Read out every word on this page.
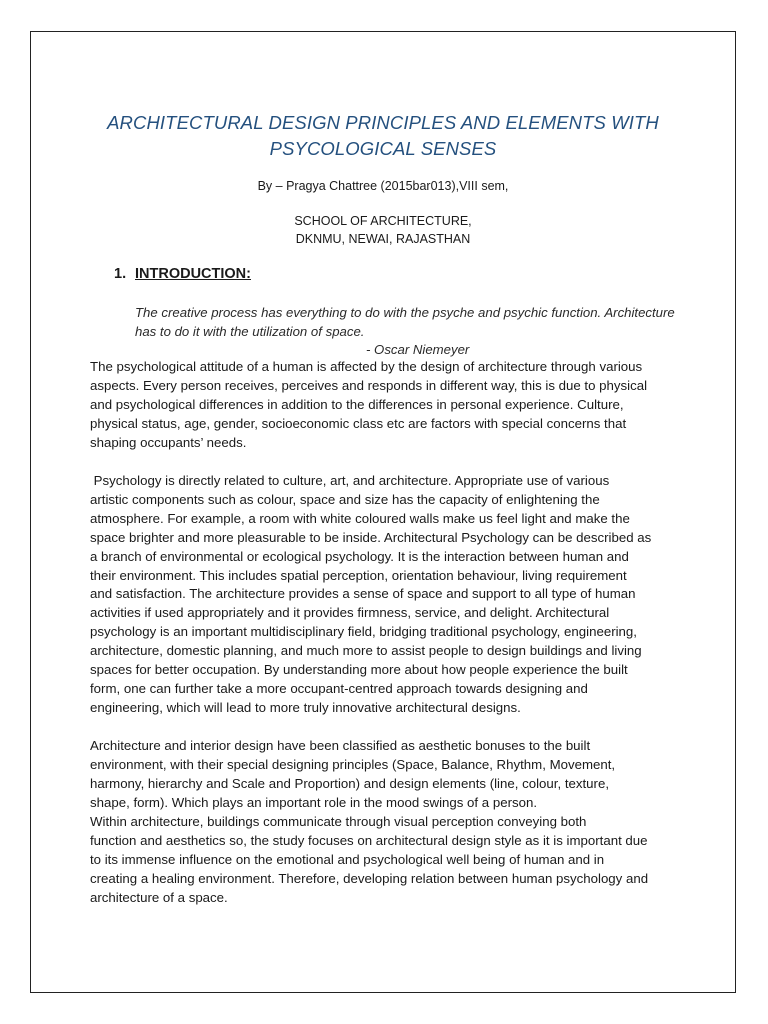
ARCHITECTURAL DESIGN PRINCIPLES AND ELEMENTS WITH
PSYCOLOGICAL SENSES
By – Pragya Chattree (2015bar013),VIII sem,
SCHOOL OF ARCHITECTURE,
DKNMU, NEWAI, RAJASTHAN
1. INTRODUCTION:
The creative process has everything to do with the psyche and psychic function. Architecture
has to do it with the utilization of space.
- Oscar Niemeyer

The psychological attitude of a human is affected by the design of architecture through various
aspects. Every person receives, perceives and responds in different way, this is due to physical
and psychological differences in addition to the differences in personal experience. Culture,
physical status, age, gender, socioeconomic class etc are factors with special concerns that
shaping occupants’ needs.

Psychology is directly related to culture, art, and architecture. Appropriate use of various
artistic components such as colour, space and size has the capacity of enlightening the
atmosphere. For example, a room with white coloured walls make us feel light and make the
space brighter and more pleasurable to be inside. Architectural Psychology can be described as
a branch of environmental or ecological psychology. It is the interaction between human and
their environment. This includes spatial perception, orientation behaviour, living requirement
and satisfaction. The architecture provides a sense of space and support to all type of human
activities if used appropriately and it provides firmness, service, and delight. Architectural
psychology is an important multidisciplinary field, bridging traditional psychology, engineering,
architecture, domestic planning, and much more to assist people to design buildings and living
spaces for better occupation. By understanding more about how people experience the built
form, one can further take a more occupant-centred approach towards designing and
engineering, which will lead to more truly innovative architectural designs.

Architecture and interior design have been classified as aesthetic bonuses to the built
environment, with their special designing principles (Space, Balance, Rhythm, Movement,
harmony, hierarchy and Scale and Proportion) and design elements (line, colour, texture,
shape, form). Which plays an important role in the mood swings of a person.

Within architecture, buildings communicate through visual perception conveying both
function and aesthetics so, the study focuses on architectural design style as it is important due
to its immense influence on the emotional and psychological well being of human and in
creating a healing environment. Therefore, developing relation between human psychology and
architecture of a space.
